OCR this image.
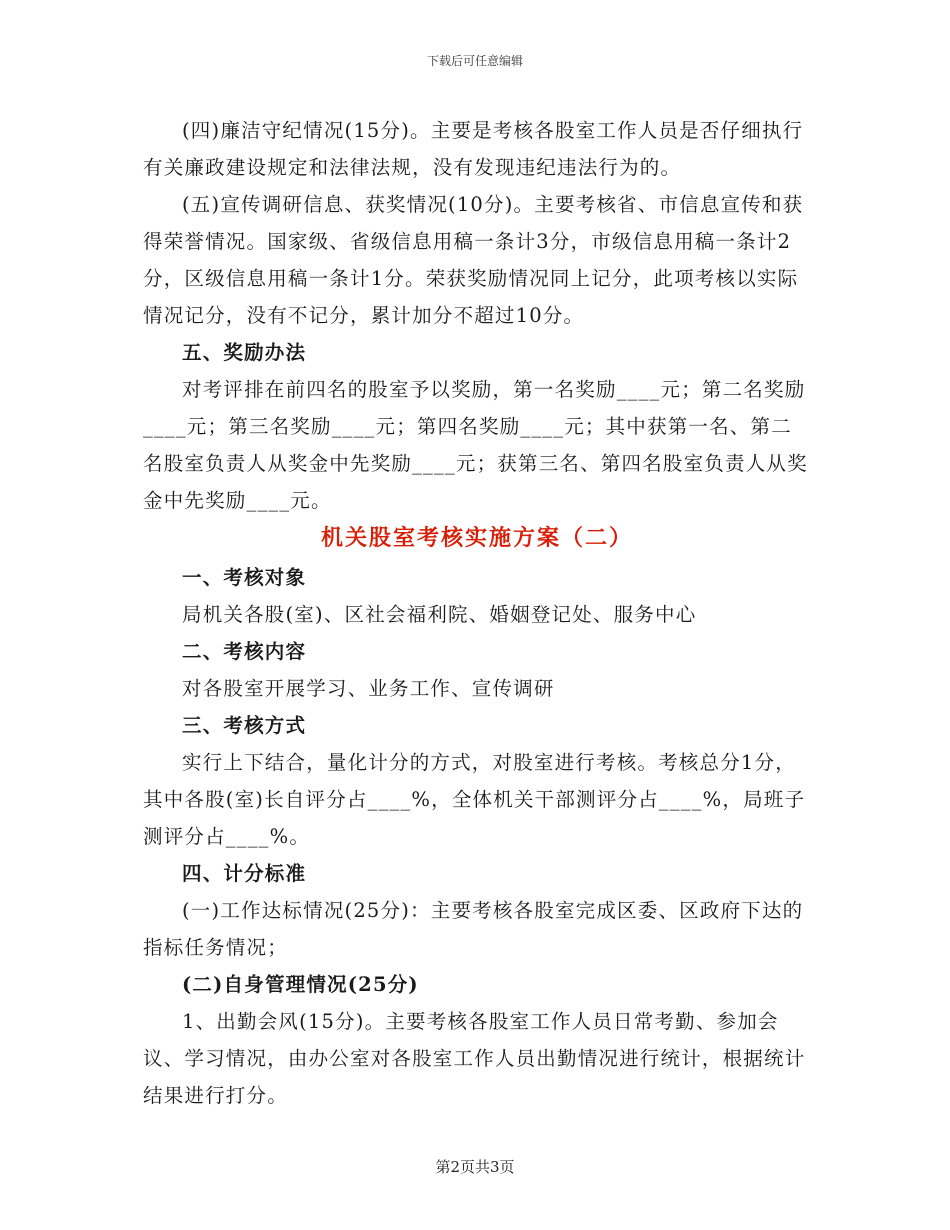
下载后可任意编辑

(四)廉洁守纪情况(15分)。主要是考核各股室工作人员是否仔细执行有关廉政建设规定和法律法规，没有发现违纪违法行为的。

(五)宣传调研信息、获奖情况(10分)。主要考核省、市信息宣传和获得荣誉情况。国家级、省级信息用稿一条计3分，市级信息用稿一条计2分，区级信息用稿一条计1分。荣获奖励情况同上记分，此项考核以实际情况记分，没有不记分，累计加分不超过10分。

五、奖励办法

对考评排在前四名的股室予以奖励，第一名奖励____元；第二名奖励____元；第三名奖励____元；第四名奖励____元；其中获第一名、第二名股室负责人从奖金中先奖励____元；获第三名、第四名股室负责人从奖金中先奖励____元。

机关股室考核实施方案（二）

一、考核对象

局机关各股(室)、区社会福利院、婚姻登记处、服务中心

二、考核内容

对各股室开展学习、业务工作、宣传调研

三、考核方式

实行上下结合，量化计分的方式，对股室进行考核。考核总分1分，其中各股(室)长自评分占____%，全体机关干部测评分占____%，局班子测评分占____%。

四、计分标准

(一)工作达标情况(25分)：主要考核各股室完成区委、区政府下达的指标任务情况；

(二)自身管理情况(25分)

1、出勤会风(15分)。主要考核各股室工作人员日常考勤、参加会议、学习情况，由办公室对各股室工作人员出勤情况进行统计，根据统计结果进行打分。

第2页共3页
